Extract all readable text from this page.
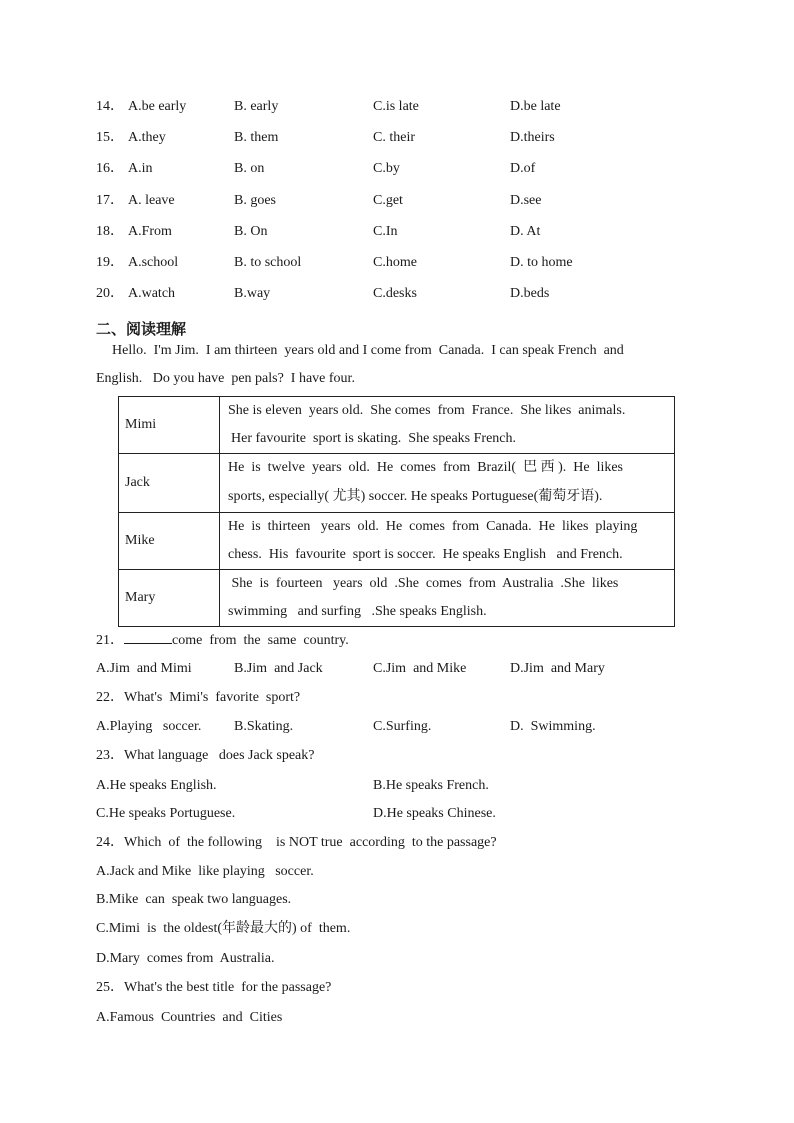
14． A.be early	B. early	C.is late	D.be late
15． A.they	B. them	C. their	D.theirs
16． A.in	B. on	C.by	D.of
17． A. leave	B. goes	C.get	D.see
18． A.From	B. On	C.In	D. At
19． A.school	B. to school	C.home	D. to home
20． A.watch	B.way	C.desks	D.beds
二、阅读理解
Hello.  I'm Jim.  I am thirteen  years old and I come from  Canada.  I can speak French  and
English.   Do you have  pen pals?  I have four.
Mimi	She is eleven  years old.  She comes  from  France.  She likes  animals.
Her favourite  sport is skating.  She speaks French.

Jack	He  is  twelve  years  old.  He  comes  from  Brazil(  巴 西 ).  He  likes
sports, especially( 尤其) soccer. He speaks Portuguese(葡萄牙语).

Mike	He  is  thirteen   years  old.  He  comes  from  Canada.  He  likes  playing
chess.  His  favourite  sport is soccer.  He speaks English   and French.

Mary	She  is  fourteen   years  old  .She  comes  from  Australia  .She  likes
swimming   and surfing   .She speaks English.
21．	come  from  the  same  country.
A.Jim  and Mimi	B.Jim  and Jack	C.Jim  and Mike	D.Jim  and Mary
22．What's  Mimi's  favorite  sport?
A.Playing   soccer. B.Skating.	C.Surfing.	D.  Swimming.
23．What language   does Jack speak?
A.He speaks English.	B.He speaks French.
C.He speaks Portuguese.	D.He speaks Chinese.
24．Which  of  the following    is NOT true  according  to the passage?
A.Jack and Mike  like playing   soccer.
B.Mike  can  speak two languages.
C.Mimi  is  the oldest(年龄最大的) of  them.
D.Mary  comes from  Australia.
25．What's the best title  for the passage?
A.Famous  Countries  and  Cities
